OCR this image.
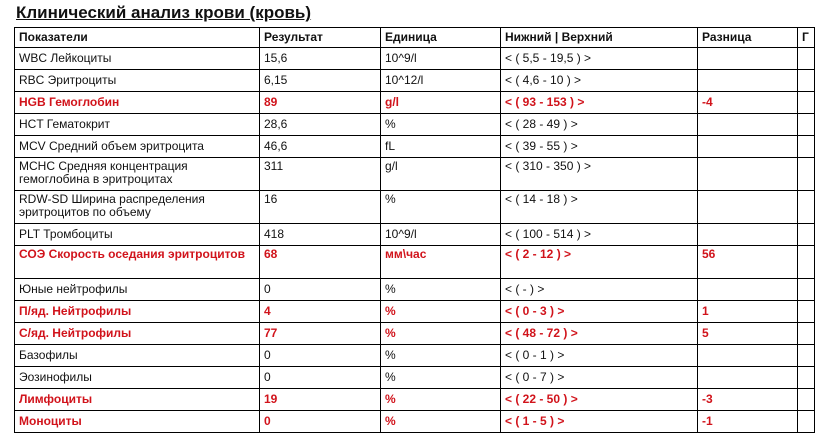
Клинический анализ крови (кровь)
Показатели	Результат	Единица	Нижний | Верхний	Разница	Г
WBC Лейкоциты	15,6	10^9/l	< ( 5,5 - 19,5 ) >		
RBC Эритроциты	6,15	10^12/l	< ( 4,6 - 10 ) >		
HGB Гемоглобин	89	g/l	< ( 93 - 153 ) >	-4	
HCT Гематокрит	28,6	%	< ( 28 - 49 ) >		
MCV Средний объем эритроцита	46,6	fL	< ( 39 - 55 ) >		
MCHC Средняя концентрация гемоглобина в эритроцитах	311	g/l	< ( 310 - 350 ) >		
RDW-SD Ширина распределения эритроцитов по объему	16	%	< ( 14 - 18 ) >		
PLT Тромбоциты	418	10^9/l	< ( 100 - 514 ) >		
СОЭ Скорость оседания эритроцитов	68	мм\час	< ( 2 - 12 ) >	56	
Юные нейтрофилы	0	%	< ( - ) >		
П/яд. Нейтрофилы	4	%	< ( 0 - 3 ) >	1	
С/яд. Нейтрофилы	77	%	< ( 48 - 72 ) >	5	
Базофилы	0	%	< ( 0 - 1 ) >		
Эозинофилы	0	%	< ( 0 - 7 ) >		
Лимфоциты	19	%	< ( 22 - 50 ) >	-3	
Моноциты	0	%	< ( 1 - 5 ) >	-1	
